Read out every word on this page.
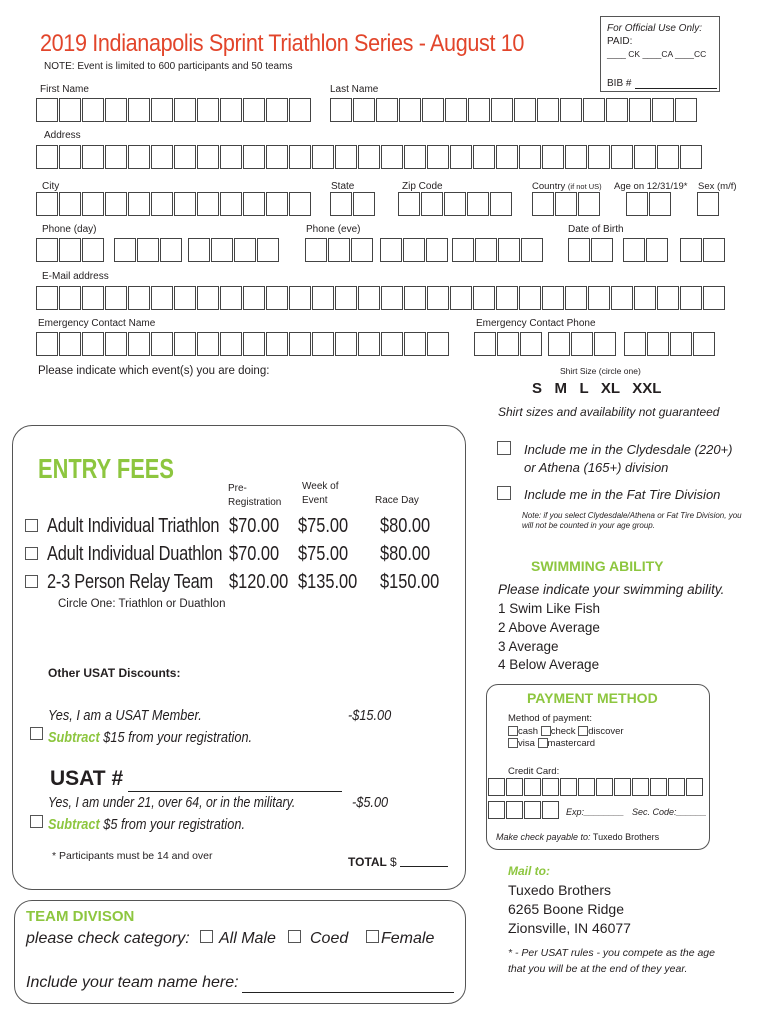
2019 Indianapolis Sprint Triathlon Series - August 10
NOTE: Event is limited to 600 participants and 50 teams
For Official Use Only:
PAID:
____ CK ____CA ____CC
BIB #
First Name	Last Name
Address
City	State	Zip Code	Country (if not US) Age on 12/31/19* Sex (m/f)
Phone (day)	Phone (eve)	Date of Birth
E-Mail address
Emergency Contact Name	Emergency Contact Phone
Please indicate which event(s) you are doing:	Shirt Size (circle one)
S   M   L   XL   XXL
Shirt sizes and availability not guaranteed
ENTRY FEES
Pre-
Registration
Week of
Event	Race Day
Adult Individual Triathlon $70.00 $75.00 $80.00
Adult Individual Duathlon $70.00 $75.00 $80.00
2-3 Person Relay Team $120.00 $135.00 $150.00
Circle One: Triathlon or Duathlon
Other USAT Discounts:
Yes, I am a USAT Member.	-$15.00
Subtract $15 from your registration.
USAT #
Yes, I am under 21, over 64, or in the military.	-$5.00
Subtract $5 from your registration.
* Participants must be 14 and over	TOTAL $
TEAM DIVISON
please check category: All Male Coed Female
Include your team name here:
Include me in the Clydesdale (220+)
or Athena (165+) division
Include me in the Fat Tire Division
Note: if you select Clydesdale/Athena or Fat Tire Division, you will not be counted in your age group.
SWIMMING ABILITY
Please indicate your swimming ability.
1 Swim Like Fish
2 Above Average
3 Average
4 Below Average
PAYMENT METHOD
Method of payment:
cash check discover
visa mastercard
Credit Card:
Exp:________ Sec. Code:______
Make check payable to: Tuxedo Brothers
Mail to:
Tuxedo Brothers
6265 Boone Ridge
Zionsville, IN 46077
* - Per USAT rules - you compete as the age
that you will be at the end of they year.
